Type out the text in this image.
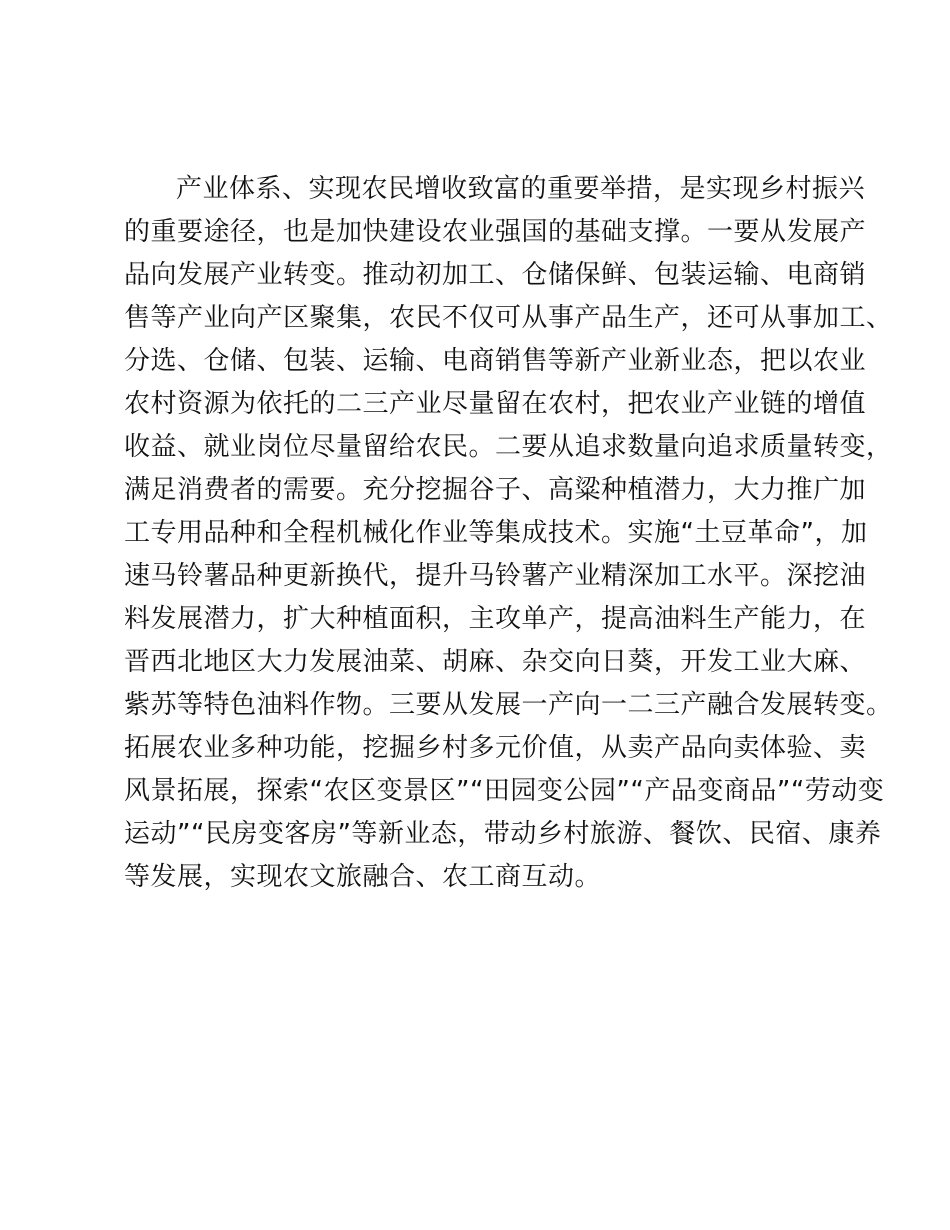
产业体系、实现农民增收致富的重要举措，是实现乡村振兴
的重要途径，也是加快建设农业强国的基础支撑。一要从发展产
品向发展产业转变。推动初加工、仓储保鲜、包装运输、电商销
售等产业向产区聚集，农民不仅可从事产品生产，还可从事加工、
分选、仓储、包装、运输、电商销售等新产业新业态，把以农业
农村资源为依托的二三产业尽量留在农村，把农业产业链的增值
收益、就业岗位尽量留给农民。二要从追求数量向追求质量转变，
满足消费者的需要。充分挖掘谷子、高粱种植潜力，大力推广加
工专用品种和全程机械化作业等集成技术。实施“土豆革命”，加
速马铃薯品种更新换代，提升马铃薯产业精深加工水平。深挖油
料发展潜力，扩大种植面积，主攻单产，提高油料生产能力，在
晋西北地区大力发展油菜、胡麻、杂交向日葵，开发工业大麻、
紫苏等特色油料作物。三要从发展一产向一二三产融合发展转变。
拓展农业多种功能，挖掘乡村多元价值，从卖产品向卖体验、卖
风景拓展，探索“农区变景区”“田园变公园”“产品变商品”“劳动变
运动”“民房变客房”等新业态，带动乡村旅游、餐饮、民宿、康养
等发展，实现农文旅融合、农工商互动。
